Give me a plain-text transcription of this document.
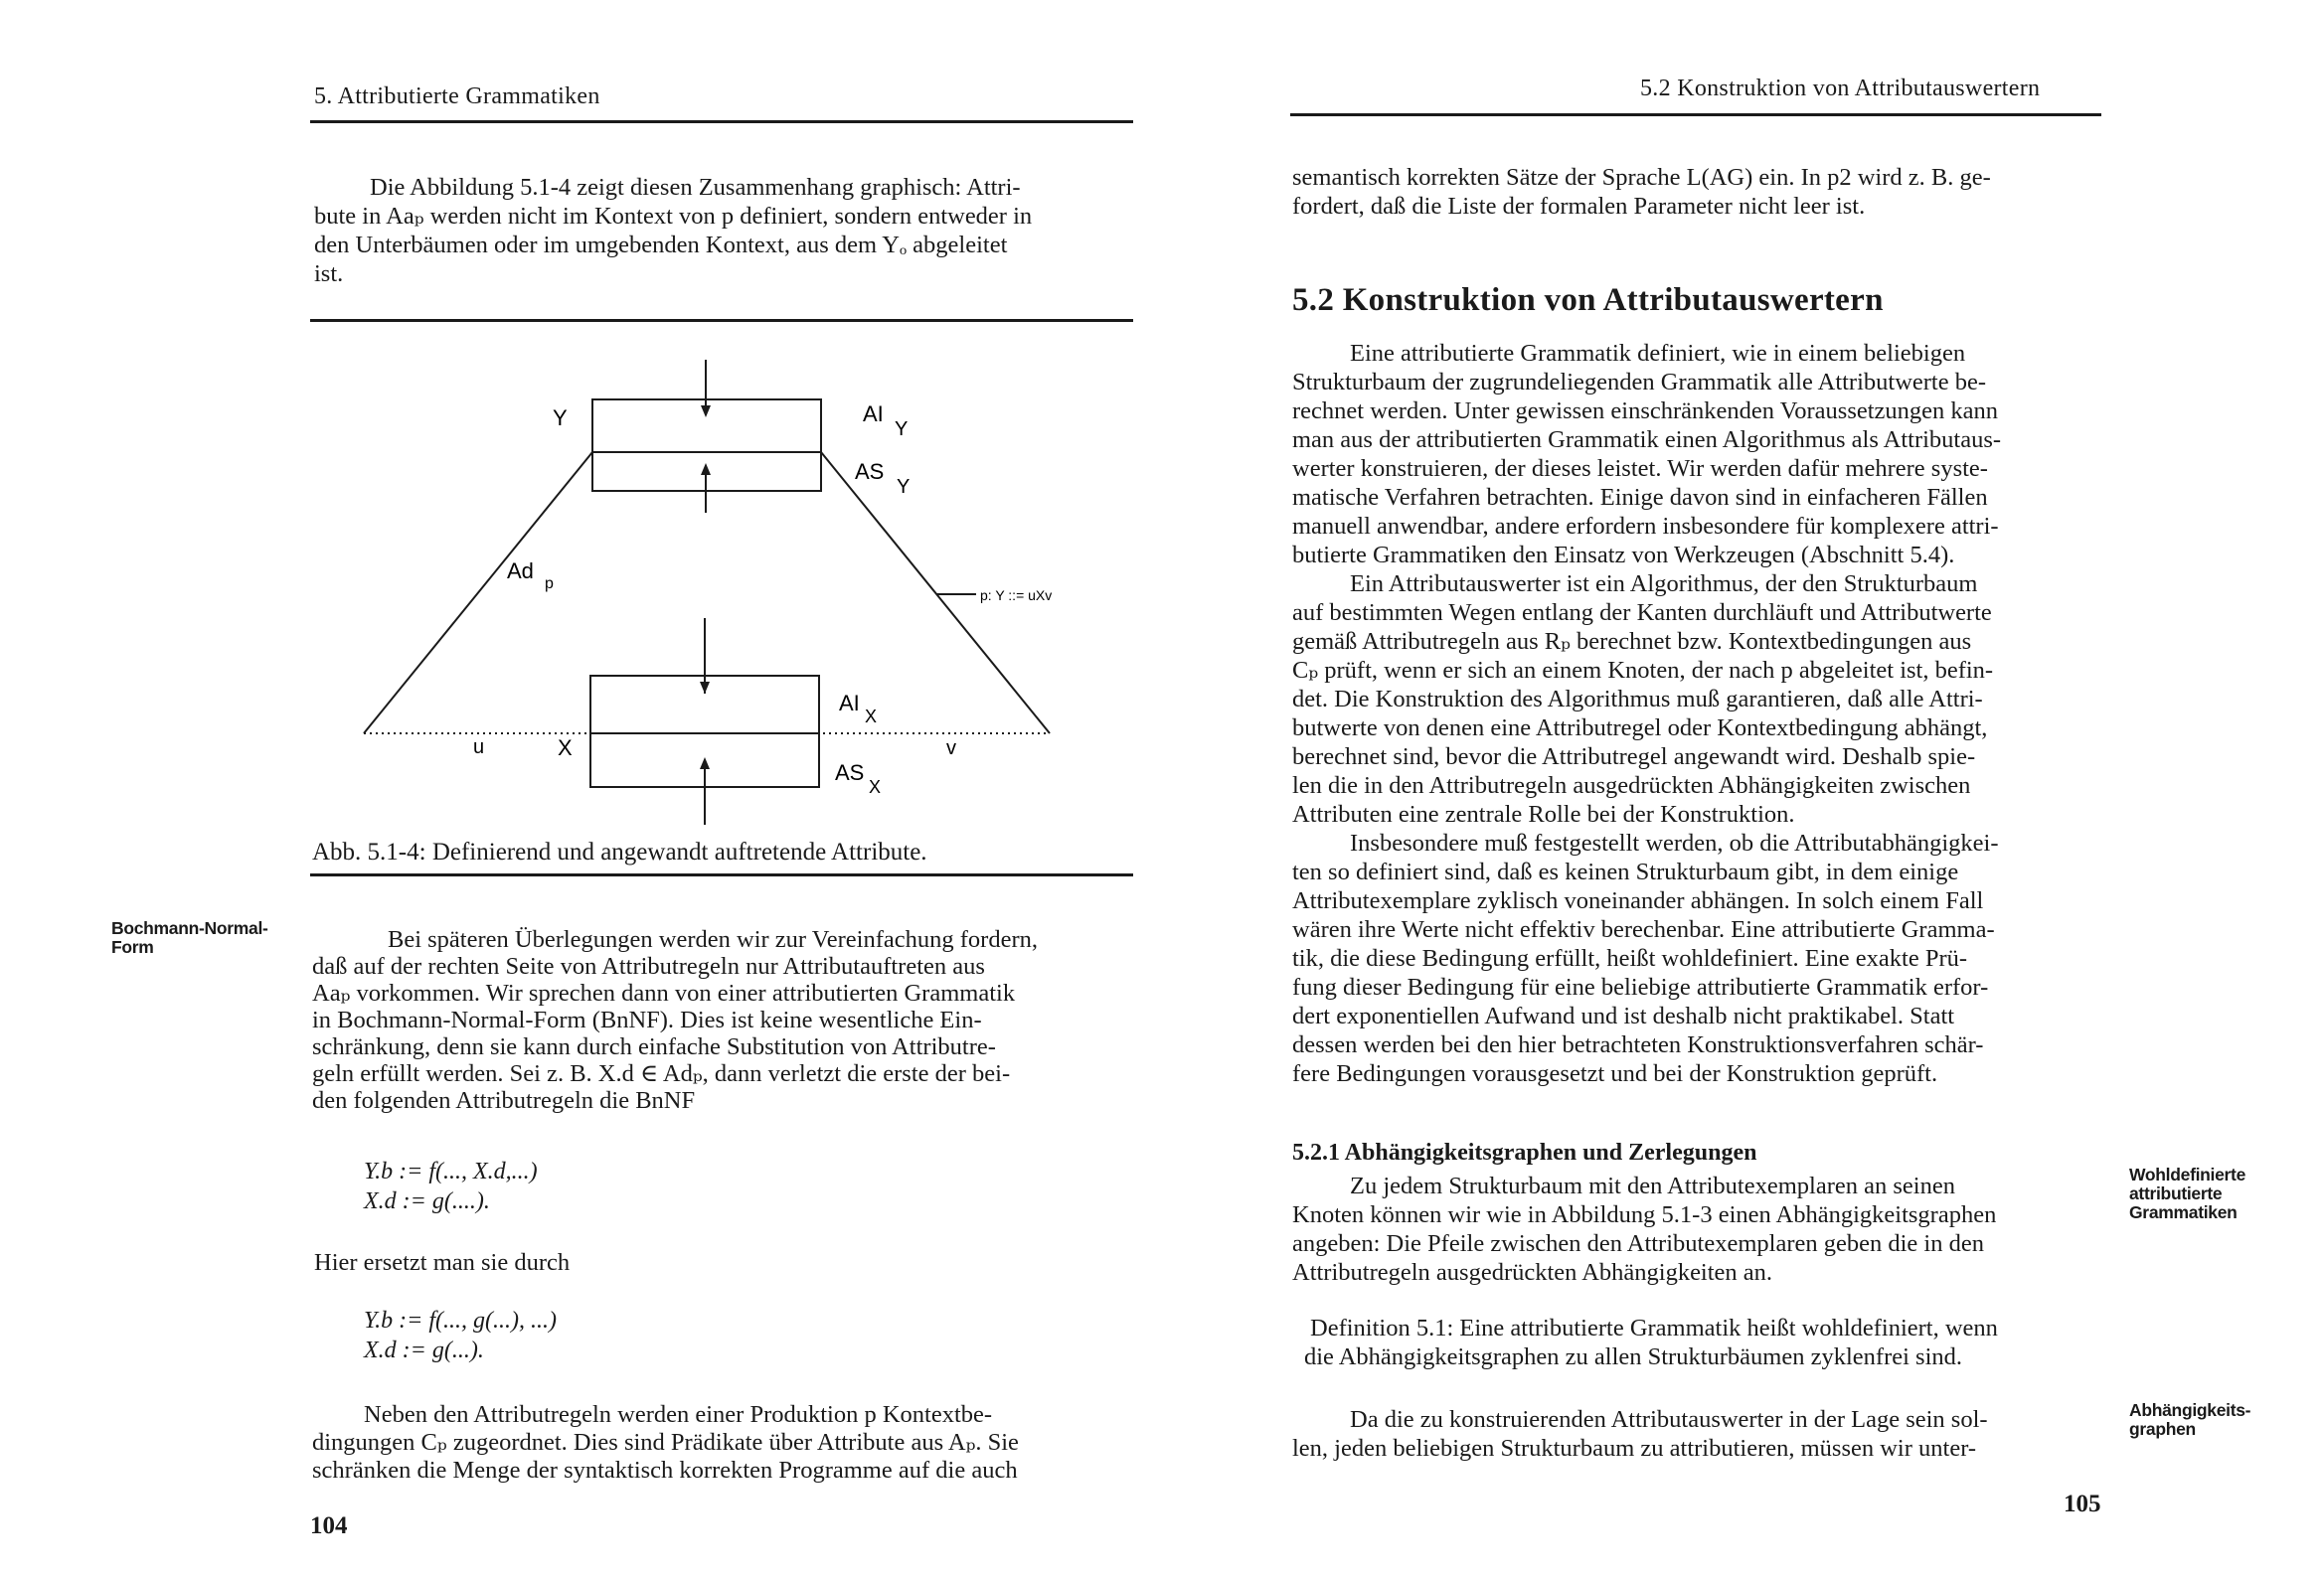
5. Attributierte Grammatiken
Die Abbildung 5.1-4 zeigt diesen Zusammenhang graphisch: Attri-
bute in Aaₚ werden nicht im Kontext von p definiert, sondern entweder in
den Unterbäumen oder im umgebenden Kontext, aus dem Yₒ abgeleitet
ist.
Y	AI
Y
AS
Y
Ad
p
p: Y ::= uXv
AI
X
AS
X
u	X	v
Abb. 5.1-4: Definierend und angewandt auftretende Attribute.
Bochmann-Normal-
Form	Bei späteren Überlegungen werden wir zur Vereinfachung fordern,
daß auf der rechten Seite von Attributregeln nur Attributauftreten aus
Aaₚ vorkommen. Wir sprechen dann von einer attributierten Grammatik
in Bochmann-Normal-Form (BnNF). Dies ist keine wesentliche Ein-
schränkung, denn sie kann durch einfache Substitution von Attributre-
geln erfüllt werden. Sei z. B. X.d ∈ Adₚ, dann verletzt die erste der bei-
den folgenden Attributregeln die BnNF
Y.b := f(..., X.d,...)
X.d := g(....).
Hier ersetzt man sie durch
Y.b := f(..., g(...), ...)
X.d := g(...).
Neben den Attributregeln werden einer Produktion p Kontextbe-
dingungen Cₚ zugeordnet. Dies sind Prädikate über Attribute aus Aₚ. Sie
schränken die Menge der syntaktisch korrekten Programme auf die auch
104
5.2 Konstruktion von Attributauswertern
semantisch korrekten Sätze der Sprache L(AG) ein. In p2 wird z. B. ge-
fordert, daß die Liste der formalen Parameter nicht leer ist.
5.2 Konstruktion von Attributauswertern
Eine attributierte Grammatik definiert, wie in einem beliebigen
Strukturbaum der zugrundeliegenden Grammatik alle Attributwerte be-
rechnet werden. Unter gewissen einschränkenden Voraussetzungen kann
man aus der attributierten Grammatik einen Algorithmus als Attributaus-
werter konstruieren, der dieses leistet. Wir werden dafür mehrere syste-
matische Verfahren betrachten. Einige davon sind in einfacheren Fällen
manuell anwendbar, andere erfordern insbesondere für komplexere attri-
butierte Grammatiken den Einsatz von Werkzeugen (Abschnitt 5.4).
Ein Attributauswerter ist ein Algorithmus, der den Strukturbaum
auf bestimmten Wegen entlang der Kanten durchläuft und Attributwerte
gemäß Attributregeln aus Rₚ berechnet bzw. Kontextbedingungen aus
Cₚ prüft, wenn er sich an einem Knoten, der nach p abgeleitet ist, befin-
det. Die Konstruktion des Algorithmus muß garantieren, daß alle Attri-
butwerte von denen eine Attributregel oder Kontextbedingung abhängt,
berechnet sind, bevor die Attributregel angewandt wird. Deshalb spie-
len die in den Attributregeln ausgedrückten Abhängigkeiten zwischen
Attributen eine zentrale Rolle bei der Konstruktion.
Insbesondere muß festgestellt werden, ob die Attributabhängigkei-
ten so definiert sind, daß es keinen Strukturbaum gibt, in dem einige
Attributexemplare zyklisch voneinander abhängen. In solch einem Fall
wären ihre Werte nicht effektiv berechenbar. Eine attributierte Gramma-
tik, die diese Bedingung erfüllt, heißt wohldefiniert. Eine exakte Prü-
fung dieser Bedingung für eine beliebige attributierte Grammatik erfor-
dert exponentiellen Aufwand und ist deshalb nicht praktikabel. Statt
dessen werden bei den hier betrachteten Konstruktionsverfahren schär-
fere Bedingungen vorausgesetzt und bei der Konstruktion geprüft.
5.2.1 Abhängigkeitsgraphen und Zerlegungen
Zu jedem Strukturbaum mit den Attributexemplaren an seinen
Knoten können wir wie in Abbildung 5.1-3 einen Abhängigkeitsgraphen
angeben: Die Pfeile zwischen den Attributexemplaren geben die in den
Attributregeln ausgedrückten Abhängigkeiten an.
Wohldefinierte
attributierte
Grammatiken
Definition 5.1: Eine attributierte Grammatik heißt wohldefiniert, wenn
die Abhängigkeitsgraphen zu allen Strukturbäumen zyklenfrei sind.
Da die zu konstruierenden Attributauswerter in der Lage sein sol-
len, jeden beliebigen Strukturbaum zu attributieren, müssen wir unter-
Abhängigkeits-
graphen
105
